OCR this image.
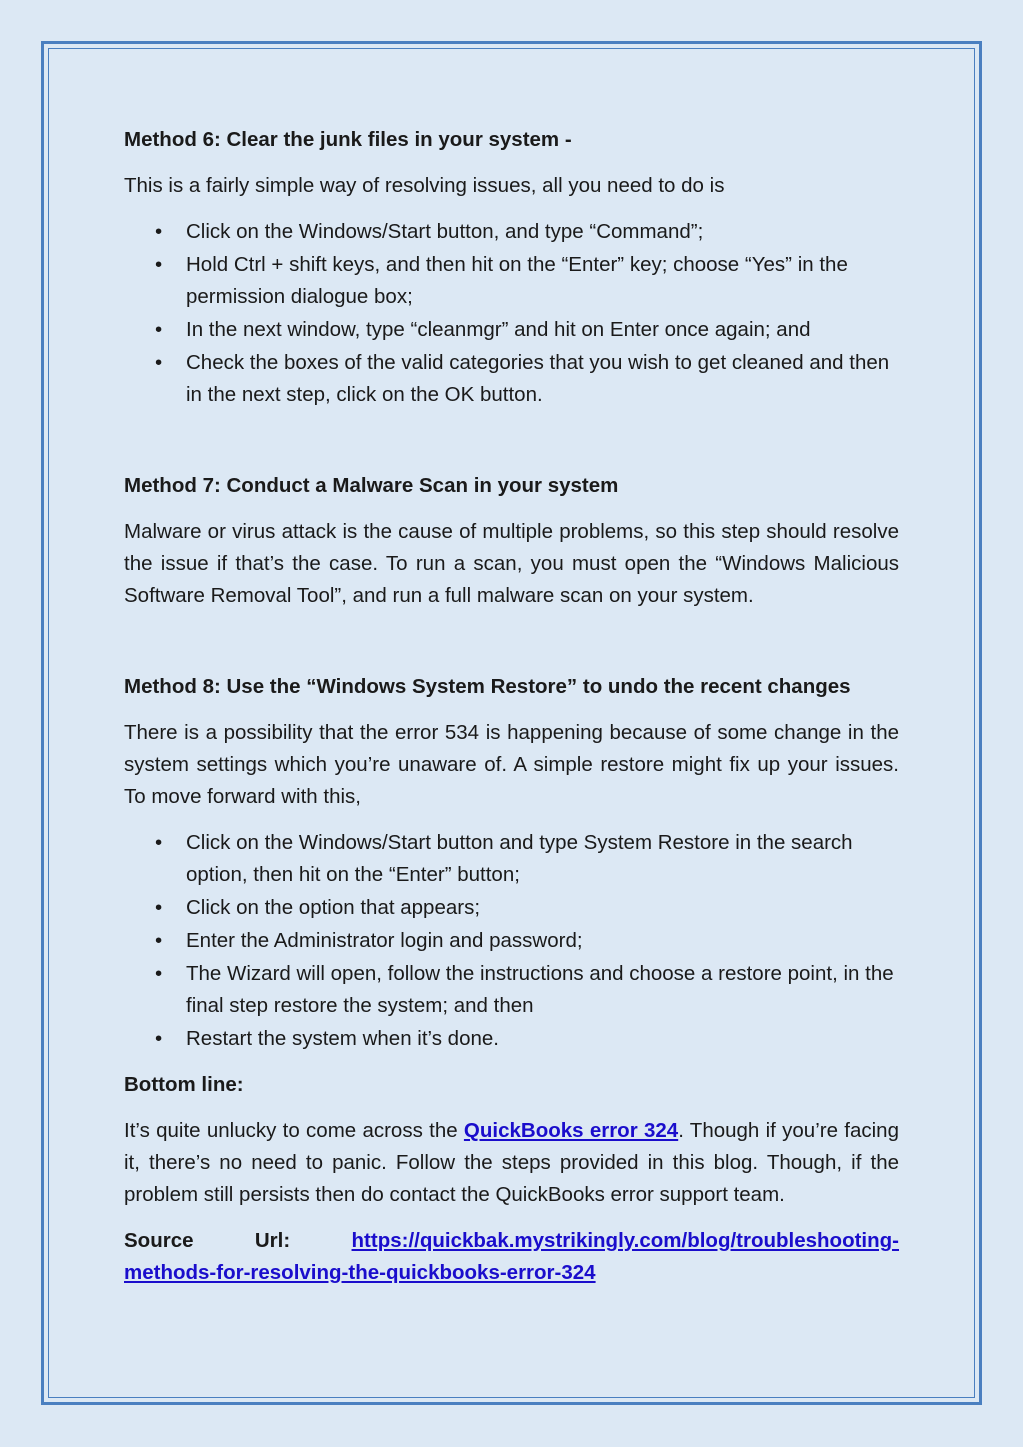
Method 6: Clear the junk files in your system -

This is a fairly simple way of resolving issues, all you need to do is

• Click on the Windows/Start button, and type “Command”;
• Hold Ctrl + shift keys, and then hit on the “Enter” key; choose “Yes” in the permission dialogue box;
• In the next window, type “cleanmgr” and hit on Enter once again; and
• Check the boxes of the valid categories that you wish to get cleaned and then in the next step, click on the OK button.

Method 7: Conduct a Malware Scan in your system

Malware or virus attack is the cause of multiple problems, so this step should resolve the issue if that’s the case. To run a scan, you must open the “Windows Malicious Software Removal Tool”, and run a full malware scan on your system.

Method 8: Use the “Windows System Restore” to undo the recent changes

There is a possibility that the error 534 is happening because of some change in the system settings which you’re unaware of. A simple restore might fix up your issues. To move forward with this,

• Click on the Windows/Start button and type System Restore in the search option, then hit on the “Enter” button;
• Click on the option that appears;
• Enter the Administrator login and password;
• The Wizard will open, follow the instructions and choose a restore point, in the final step restore the system; and then
• Restart the system when it’s done.

Bottom line:

It’s quite unlucky to come across the QuickBooks error 324. Though if you’re facing it, there’s no need to panic. Follow the steps provided in this blog. Though, if the problem still persists then do contact the QuickBooks error support team.

Source	Url:	https://quickbak.mystrikingly.com/blog/troubleshooting-
methods-for-resolving-the-quickbooks-error-324
